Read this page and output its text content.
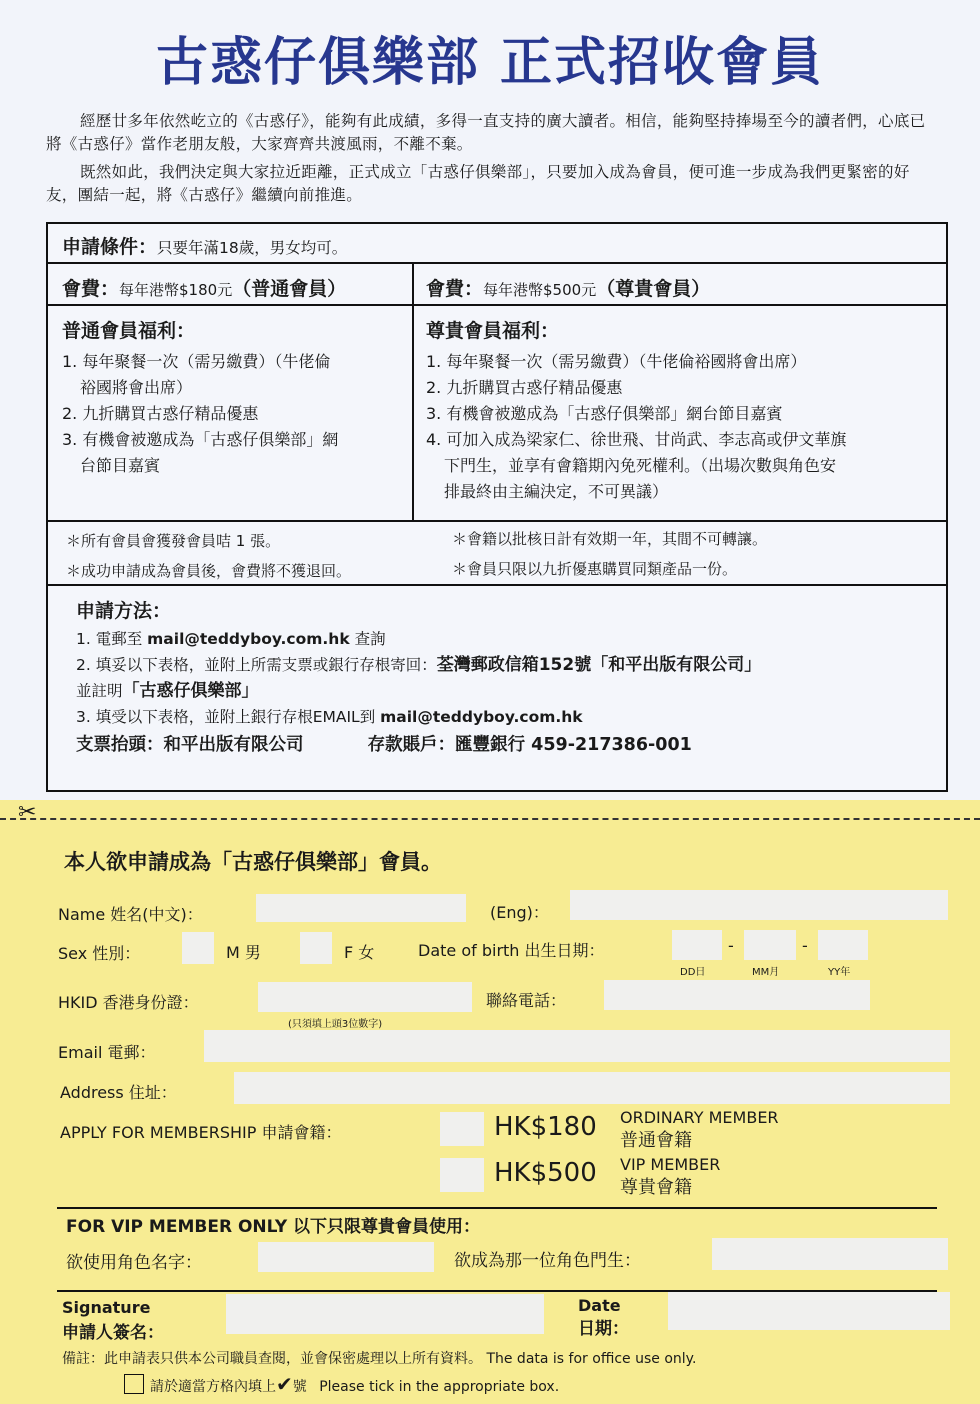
古惑仔俱樂部 正式招收會員
經歷廿多年依然屹立的《古惑仔》，能夠有此成績，多得一直支持的廣大讀者。相信，能夠堅持捧場至今的讀者們，心底已將《古惑仔》當作老朋友般，大家齊齊共渡風雨，不離不棄。
既然如此，我們決定與大家拉近距離，正式成立「古惑仔俱樂部」，只要加入成為會員，便可進一步成為我們更緊密的好友，團結一起，將《古惑仔》繼續向前推進。
申請條件：只要年滿18歲，男女均可。
會費：每年港幣$180元（普通會員）	會費：每年港幣$500元（尊貴會員）
普通會員福利：
1. 每年聚餐一次（需另繳費）（牛佬倫
裕國將會出席）
2. 九折購買古惑仔精品優惠
3. 有機會被邀成為「古惑仔俱樂部」網
台節目嘉賓
尊貴會員福利：
1. 每年聚餐一次（需另繳費）（牛佬倫裕國將會出席）
2. 九折購買古惑仔精品優惠
3. 有機會被邀成為「古惑仔俱樂部」網台節目嘉賓
4. 可加入成為梁家仁、徐世飛、甘尚武、李志高或伊文華旗
下門生，並享有會籍期內免死權利。（出場次數與角色安
排最終由主編決定，不可異議）
＊所有會員會獲發會員咭 1 張。	＊會籍以批核日計有效期一年，其間不可轉讓。
＊成功申請成為會員後，會費將不獲退回。	＊會員只限以九折優惠購買同類產品一份。
申請方法：
1. 電郵至 mail@teddyboy.com.hk 查詢
2. 填妥以下表格，並附上所需支票或銀行存根寄回：荃灣郵政信箱152號「和平出版有限公司」
並註明「古惑仔俱樂部」
3. 填受以下表格，並附上銀行存根EMAIL到 mail@teddyboy.com.hk
支票抬頭：和平出版有限公司	存款賬戶：匯豐銀行 459-217386-001
✂
本人欲申請成為「古惑仔俱樂部」會員。
Name 姓名(中文)：	(Eng)：
Sex 性別：	M 男	F 女	Date of birth 出生日期：	-	-
DD日	MM月	YY年
HKID 香港身份證：
(只須填上頭3位數字)
聯絡電話：
Email 電郵：
Address 住址：
APPLY FOR MEMBERSHIP 申請會籍：	HK$180 ORDINARY MEMBER
普通會籍
HK$500 VIP MEMBER
尊貴會籍
FOR VIP MEMBER ONLY 以下只限尊貴會員使用：
欲使用角色名字：	欲成為那一位角色門生：
Signature
申請人簽名：
Date
日期：
備註：此申請表只供本公司職員查閱，並會保密處理以上所有資料。 The data is for office use only.
請於適當方格內填上✔號 Please tick in the appropriate box.
